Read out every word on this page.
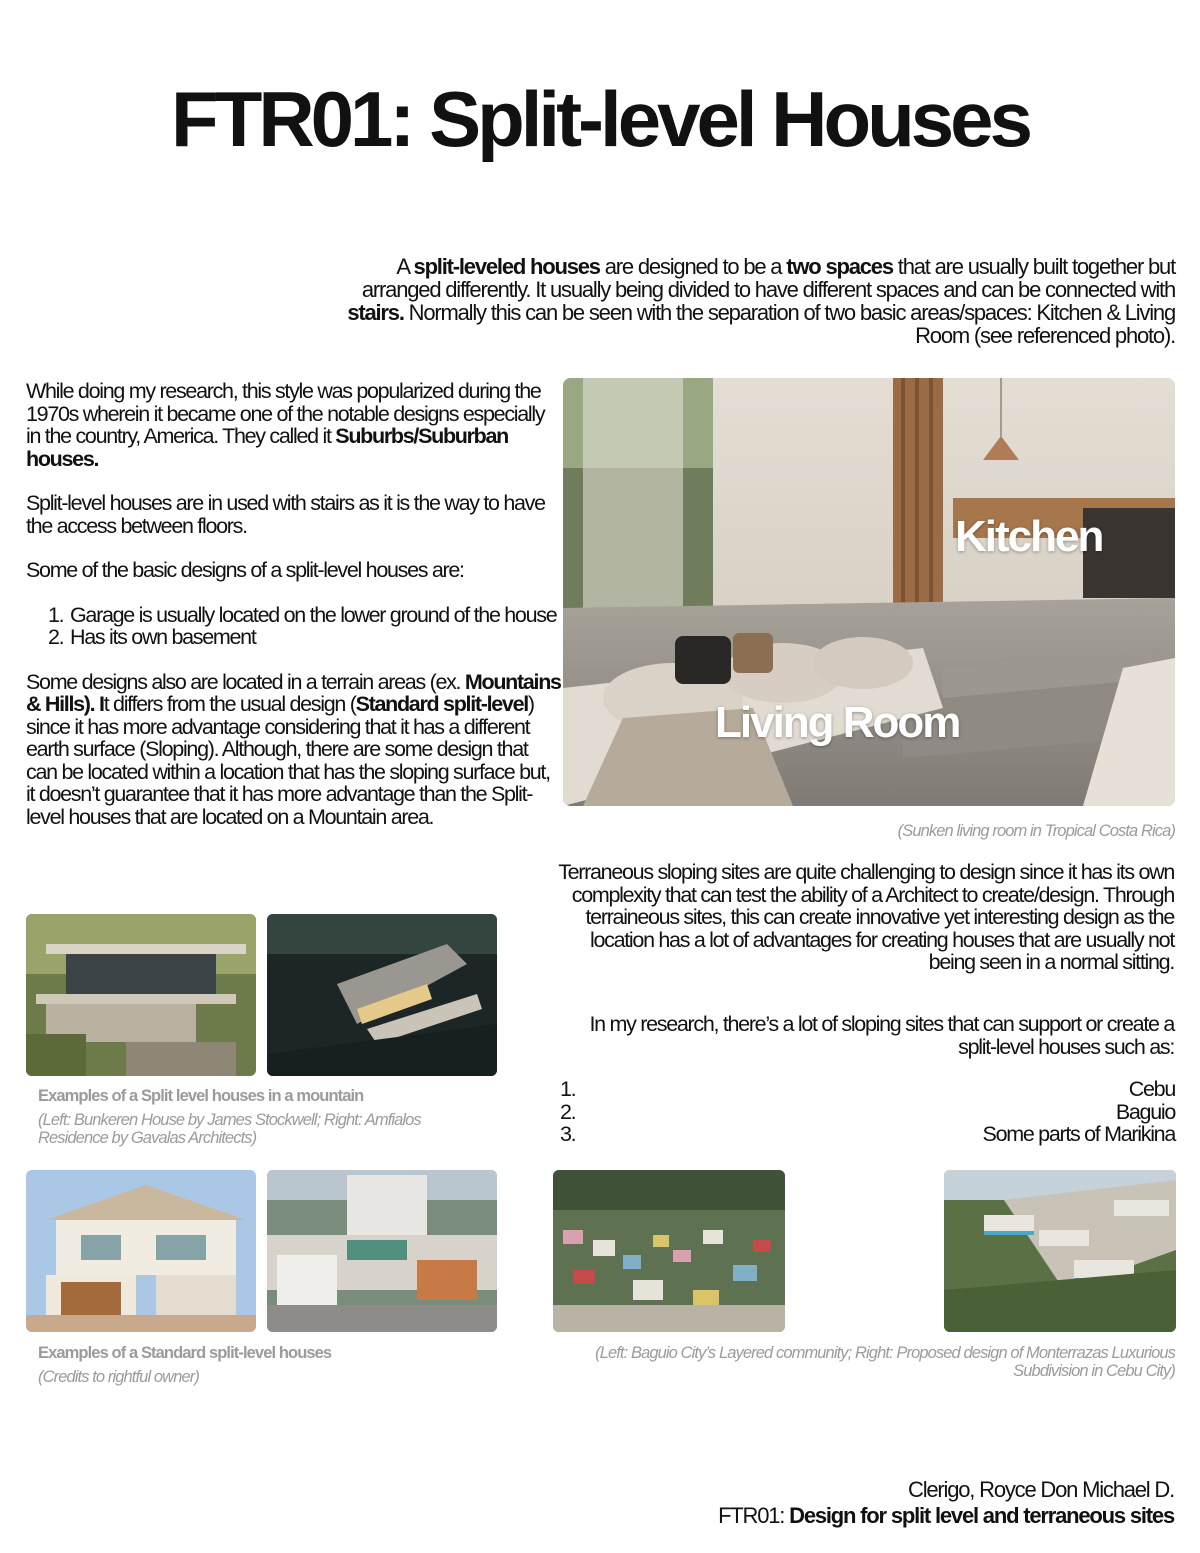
FTR01: Split-level Houses
A split-leveled houses are designed to be a two spaces that are usually built together but arranged differently. It usually being divided to have different spaces and can be connected with stairs. Normally this can be seen with the separation of two basic areas/spaces: Kitchen & Living Room (see referenced photo).

While doing my research, this style was popularized during the 1970s wherein it became one of the notable designs especially in the country, America. They called it Suburbs/Suburban houses.

Split-level houses are in used with stairs as it is the way to have the access between floors.

Some of the basic designs of a split-level houses are:

1. Garage is usually located on the lower ground of the house
2. Has its own basement

Some designs also are located in a terrain areas (ex. Mountains & Hills). It differs from the usual design (Standard split-level) since it has more advantage considering that it has a different earth surface (Sloping). Although, there are some design that can be located within a location that has the sloping surface but, it doesn’t guarantee that it has more advantage than the Split-level houses that are located on a Mountain area.

Kitchen
Living Room
(Sunken living room in Tropical Costa Rica)
Terraneous sloping sites are quite challenging to design since it has its own complexity that can test the ability of a Architect to create/design. Through terraineous sites, this can create innovative yet interesting design as the location has a lot of advantages for creating houses that are usually not being seen in a normal sitting.
In my research, there’s a lot of sloping sites that can support or create a split-level houses such as:
1.	Cebu
2.	Baguio
3.	Some parts of Marikina
Examples of a Split level houses in a mountain
(Left: Bunkeren House by James Stockwell; Right: Amfialos Residence by Gavalas Architects)
Examples of a Standard split-level houses
(Credits to rightful owner)
(Left: Baguio City’s Layered community; Right: Proposed design of Monterrazas Luxurious Subdivision in Cebu City)
Clerigo, Royce Don Michael D.
FTR01: Design for split level and terraneous sites
